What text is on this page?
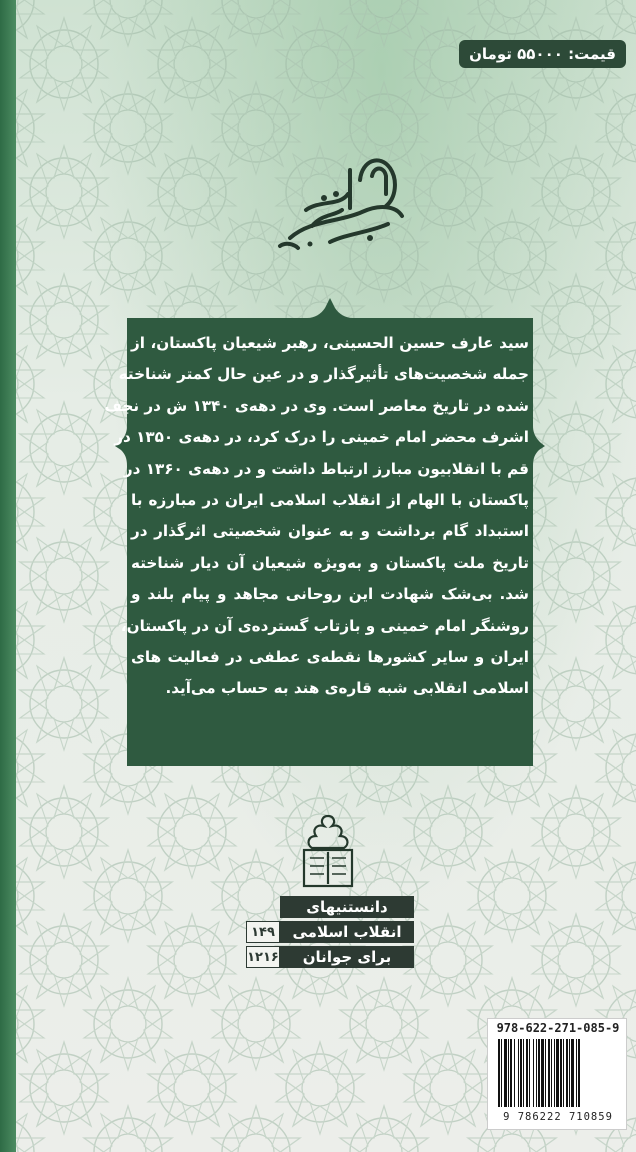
قیمت: ۵۵۰۰۰ تومان
سید عارف حسین الحسینی، رهبر شیعیان پاکستان، از
جمله شخصیت‌های تأثیرگذار و در عین حال کمتر شناخته
شده در تاریخ معاصر است. وی در دهه‌ی ۱۳۴۰ ش در نجف
اشرف محضر امام خمینی را درک کرد، در دهه‌ی ۱۳۵۰ در
قم با انقلابیون مبارز ارتباط داشت و در دهه‌ی ۱۳۶۰ در
پاکستان با الهام از انقلاب اسلامی ایران در مبارزه با
استبداد گام برداشت و به عنوان شخصیتی اثرگذار در
تاریخ ملت پاکستان و به‌ویژه شیعیان آن دیار شناخته
شد. بی‌شک شهادت این روحانی مجاهد و پیام بلند و
روشنگر امام خمینی و بازتاب گسترده‌ی آن در پاکستان،
ایران و سایر کشورها نقطه‌ی عطفی در فعالیت های
اسلامی انقلابی شبه قاره‌ی هند به حساب می‌آید.
دانستنیهای
انقلاب اسلامی
۱۴۹
برای جوانان
۱۲۱۶
978-622-271-085-9
9 786222 710859
